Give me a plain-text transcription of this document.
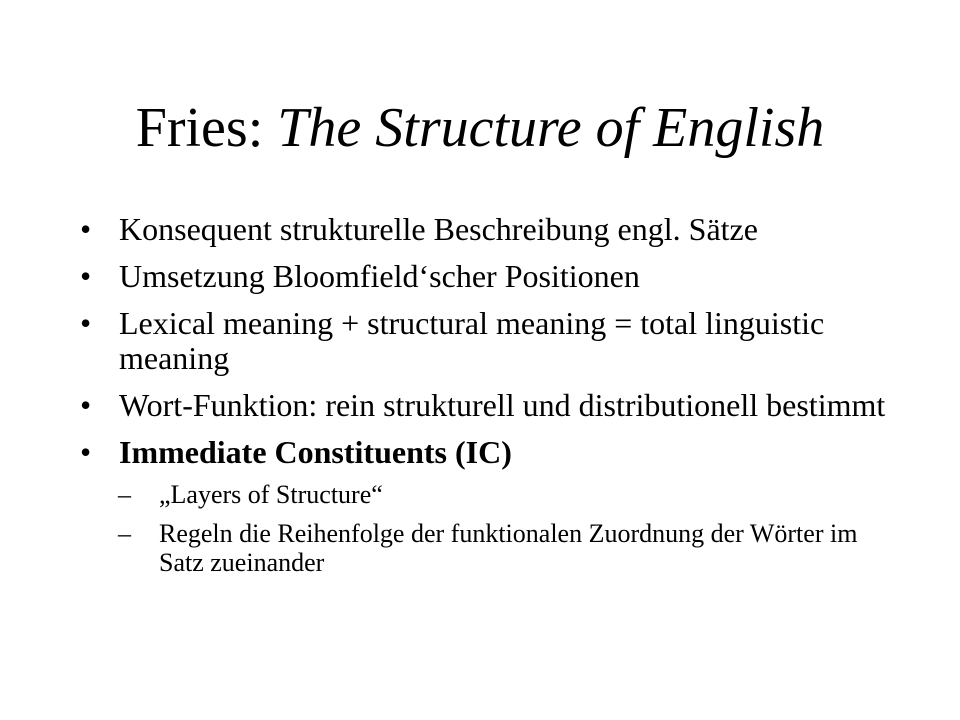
Fries: The Structure of English
• Konsequent strukturelle Beschreibung engl. Sätze
• Umsetzung Bloomfield‘scher Positionen
• Lexical meaning + structural meaning = total linguistic meaning
• Wort-Funktion: rein strukturell und distributionell bestimmt
• Immediate Constituents (IC)
– „Layers of Structure“
– Regeln die Reihenfolge der funktionalen Zuordnung der Wörter im Satz zueinander
